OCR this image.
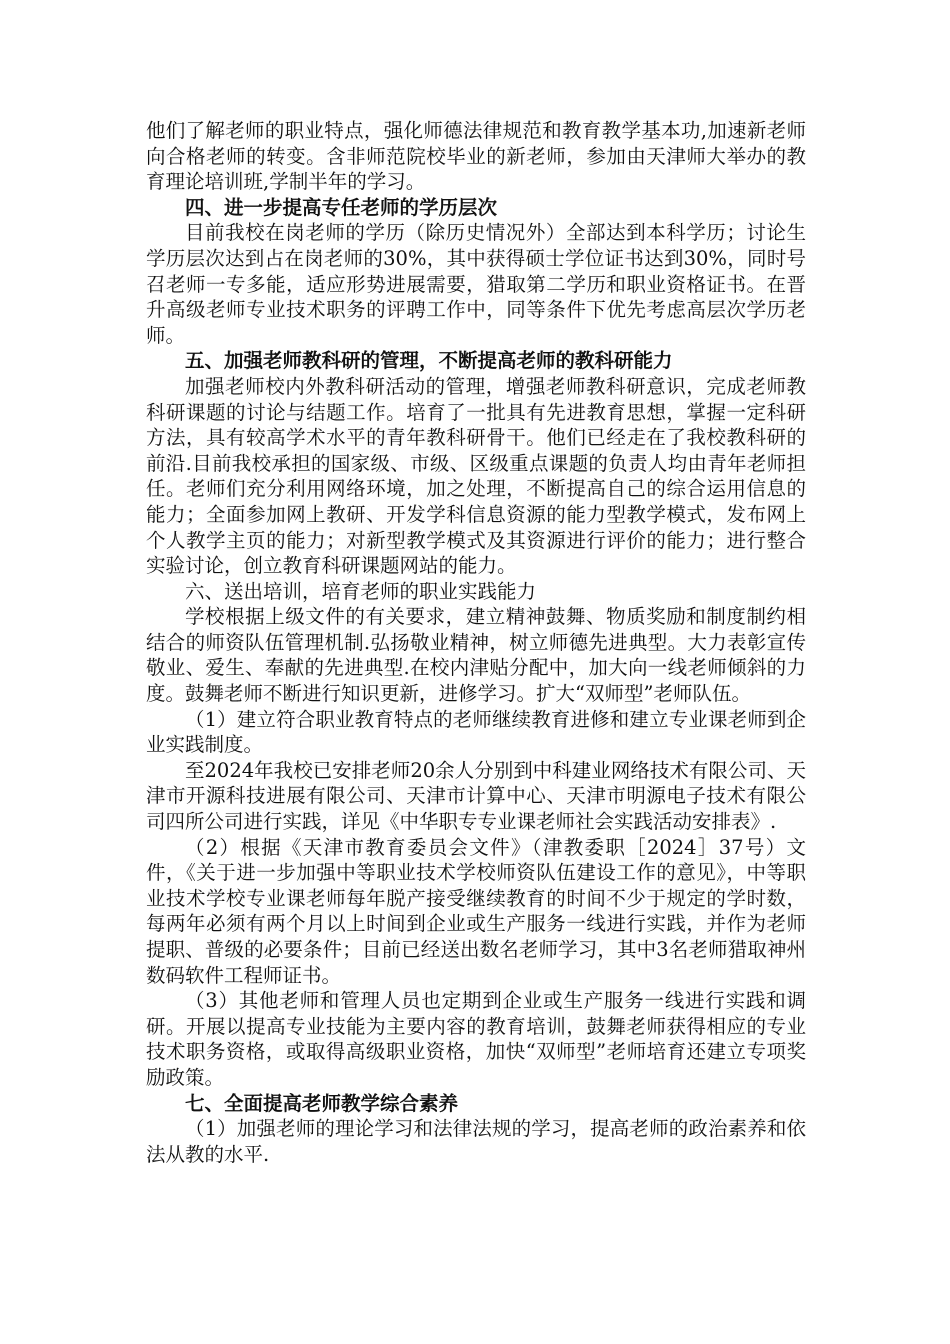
他们了解老师的职业特点，强化师德法律规范和教育教学基本功,加速新老师向合格老师的转变。含非师范院校毕业的新老师，参加由天津师大举办的教育理论培训班,学制半年的学习。

四、进一步提高专任老师的学历层次

目前我校在岗老师的学历（除历史情况外）全部达到本科学历；讨论生学历层次达到占在岗老师的30%，其中获得硕士学位证书达到30%，同时号召老师一专多能，适应形势进展需要，猎取第二学历和职业资格证书。在晋升高级老师专业技术职务的评聘工作中，同等条件下优先考虑高层次学历老师。

五、加强老师教科研的管理，不断提高老师的教科研能力

加强老师校内外教科研活动的管理，增强老师教科研意识，完成老师教科研课题的讨论与结题工作。培育了一批具有先进教育思想，掌握一定科研方法，具有较高学术水平的青年教科研骨干。他们已经走在了我校教科研的前沿.目前我校承担的国家级、市级、区级重点课题的负责人均由青年老师担任。老师们充分利用网络环境，加之处理，不断提高自己的综合运用信息的能力；全面参加网上教研、开发学科信息资源的能力型教学模式，发布网上个人教学主页的能力；对新型教学模式及其资源进行评价的能力；进行整合实验讨论，创立教育科研课题网站的能力。

六、送出培训，培育老师的职业实践能力

学校根据上级文件的有关要求，建立精神鼓舞、物质奖励和制度制约相结合的师资队伍管理机制.弘扬敬业精神，树立师德先进典型。大力表彰宣传敬业、爱生、奉献的先进典型.在校内津贴分配中，加大向一线老师倾斜的力度。鼓舞老师不断进行知识更新，进修学习。扩大“双师型”老师队伍。

（1）建立符合职业教育特点的老师继续教育进修和建立专业课老师到企业实践制度。

至2024年我校已安排老师20余人分别到中科建业网络技术有限公司、天津市开源科技进展有限公司、天津市计算中心、天津市明源电子技术有限公司四所公司进行实践，详见《中华职专专业课老师社会实践活动安排表》.

（2）根据《天津市教育委员会文件》（津教委职［2024］37号）文件，《关于进一步加强中等职业技术学校师资队伍建设工作的意见》，中等职业技术学校专业课老师每年脱产接受继续教育的时间不少于规定的学时数，每两年必须有两个月以上时间到企业或生产服务一线进行实践，并作为老师提职、普级的必要条件；目前已经送出数名老师学习，其中3名老师猎取神州数码软件工程师证书。

（3）其他老师和管理人员也定期到企业或生产服务一线进行实践和调研。开展以提高专业技能为主要内容的教育培训，鼓舞老师获得相应的专业技术职务资格，或取得高级职业资格，加快“双师型”老师培育还建立专项奖励政策。

七、全面提高老师教学综合素养

（1）加强老师的理论学习和法律法规的学习，提高老师的政治素养和依法从教的水平.
